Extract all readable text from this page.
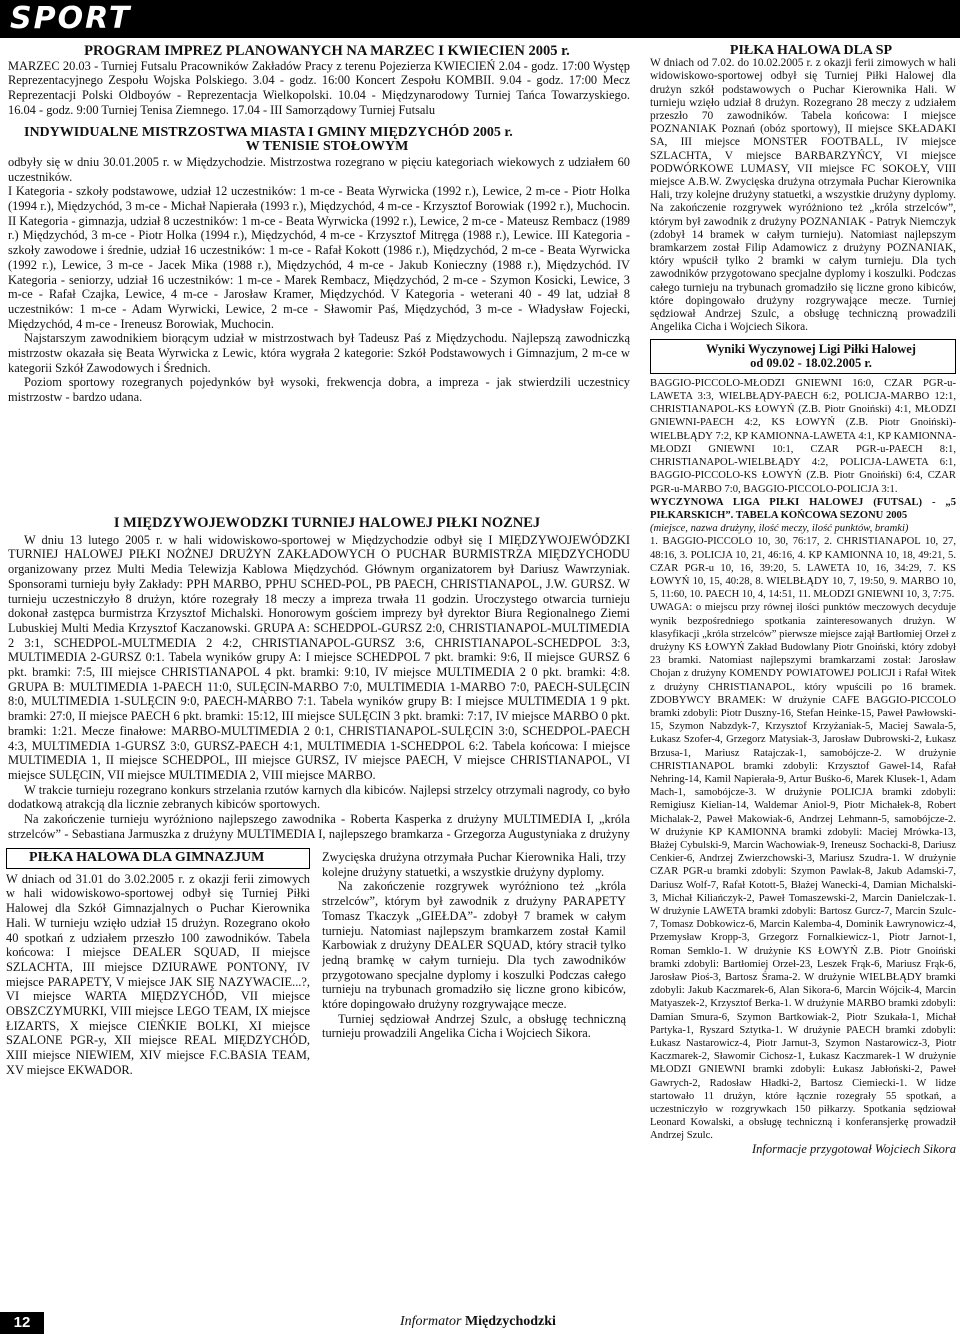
SPORT

PROGRAM IMPREZ PLANOWANYCH NA MARZEC I KWIECIEŃ 2005 r.

MARZEC 20.03 - Turniej Futsalu Pracowników Zakładów Pracy z terenu Pojezierza KWIECIEŃ 2.04 - godz. 17:00 Występ Reprezentacyjnego Zespołu Wojska Polskiego. 3.04 - godz. 16:00 Koncert Zespołu KOMBII. 9.04 - godz. 17:00 Mecz Reprezentacji Polski Oldboyów - Reprezentacja Wielkopolski. 10.04 - Międzynarodowy Turniej Tańca Towarzyskiego. 16.04 - godz. 9:00 Turniej Tenisa Ziemnego. 17.04 - III Samorządowy Turniej Futsalu

INDYWIDUALNE MISTRZOSTWA MIASTA I GMINY MIĘDZYCHÓD 2005 r.

W TENISIE STOŁOWYM

odbyły się w dniu 30.01.2005 r. w Międzychodzie. Mistrzostwa rozegrano w pięciu kategoriach wiekowych z udziałem 60 uczestników.

I Kategoria - szkoły podstawowe, udział 12 uczestników: 1 m-ce - Beata Wyrwicka (1992 r.), Lewice, 2 m-ce - Piotr Holka (1994 r.), Międzychód, 3 m-ce - Michał Napierała (1993 r.), Międzychód, 4 m-ce - Krzysztof Borowiak (1992 r.), Muchocin. II Kategoria - gimnazja, udział 8 uczestników: 1 m-ce - Beata Wyrwicka (1992 r.), Lewice, 2 m-ce - Mateusz Rembacz (1989 r.) Międzychód, 3 m-ce - Piotr Holka (1994 r.), Międzychód, 4 m-ce - Krzysztof Mitręga (1988 r.), Lewice. III Kategoria - szkoły zawodowe i średnie, udział 16 uczestników: 1 m-ce - Rafał Kokott (1986 r.), Międzychód, 2 m-ce - Beata Wyrwicka (1992 r.), Lewice, 3 m-ce - Jacek Mika (1988 r.), Międzychód, 4 m-ce - Jakub Konieczny (1988 r.), Międzychód. IV Kategoria - seniorzy, udział 16 uczestników: 1 m-ce - Marek Rembacz, Międzychód, 2 m-ce - Szymon Kosicki, Lewice, 3 m-ce - Rafał Czajka, Lewice, 4 m-ce - Jarosław Kramer, Międzychód. V Kategoria - weterani 40 - 49 lat, udział 8 uczestników: 1 m-ce - Adam Wyrwicki, Lewice, 2 m-ce - Sławomir Paś, Międzychód, 3 m-ce - Władysław Fojecki, Międzychód, 4 m-ce - Ireneusz Borowiak, Muchocin.

Najstarszym zawodnikiem biorącym udział w mistrzostwach był Tadeusz Paś z Międzychodu. Najlepszą zawodniczką mistrzostw okazała się Beata Wyrwicka z Lewic, która wygrała 2 kategorie: Szkół Podstawowych i Gimnazjum, 2 m-ce w kategorii Szkół Zawodowych i Średnich.

Poziom sportowy rozegranych pojedynków był wysoki, frekwencja dobra, a impreza - jak stwierdzili uczestnicy mistrzostw - bardzo udana.

I MIĘDZYWOJEWÓDZKI TURNIEJ HALOWEJ PIŁKI NOŻNEJ

W dniu 13 lutego 2005 r. w hali widowiskowo-sportowej w Międzychodzie odbył się I MIĘDZYWOJEWÓDZKI TURNIEJ HALOWEJ PIŁKI NOŻNEJ DRUŻYN ZAKŁADOWYCH O PUCHAR BURMISTRZA MIĘDZYCHODU organizowany przez Multi Media Telewizja Kablowa Międzychód. Głównym organizatorem był Dariusz Wawrzyniak. Sponsorami turnieju były Zakłady: PPH MARBO, PPHU SCHED-POL, PB PAECH, CHRISTIANAPOL, J.W. GURSZ. W turnieju uczestniczyło 8 drużyn, które rozegrały 18 meczy a impreza trwała 11 godzin. Uroczystego otwarcia turnieju dokonał zastępca burmistrza Krzysztof Michalski. Honorowym gościem imprezy był dyrektor Biura Regionalnego Ziemi Lubuskiej Multi Media Krzysztof Kaczanowski. GRUPA A: SCHEDPOL-GURSZ 2:0, CHRISTIANAPOL-MULTIMEDIA 2 3:1, SCHEDPOL-MULTMEDIA 2 4:2, CHRISTIANAPOL-GURSZ 3:6, CHRISTIANAPOL-SCHEDPOL 3:3, MULTIMEDIA 2-GURSZ 0:1. Tabela wyników grupy A: I miejsce SCHEDPOL 7 pkt. bramki: 9:6, II miejsce GURSZ 6 pkt. bramki: 7:5, III miejsce CHRISTIANAPOL 4 pkt. bramki: 9:10, IV miejsce MULTIMEDIA 2 0 pkt. bramki: 4:8. GRUPA B: MULTIMEDIA 1-PAECH 11:0, SULĘCIN-MARBO 7:0, MULTIMEDIA 1-MARBO 7:0, PAECH-SULĘCIN 8:0, MULTIMEDIA 1-SULĘCIN 9:0, PAECH-MARBO 7:1. Tabela wyników grupy B: I miejsce MULTIMEDIA 1 9 pkt. bramki: 27:0, II miejsce PAECH 6 pkt. bramki: 15:12, III miejsce SULĘCIN 3 pkt. bramki: 7:17, IV miejsce MARBO 0 pkt. bramki: 1:21. Mecze finałowe: MARBO-MULTIMEDIA 2 0:1, CHRISTIANAPOL-SULĘCIN 3:0, SCHEDPOL-PAECH 4:3, MULTIMEDIA 1-GURSZ 3:0, GURSZ-PAECH 4:1, MULTIMEDIA 1-SCHEDPOL 6:2. Tabela końcowa: I miejsce MULTIMEDIA 1, II miejsce SCHEDPOL, III miejsce GURSZ, IV miejsce PAECH, V miejsce CHRISTIANAPOL, VI miejsce SULĘCIN, VII miejsce MULTIMEDIA 2, VIII miejsce MARBO.

W trakcie turnieju rozegrano konkurs strzelania rzutów karnych dla kibiców. Najlepsi strzelcy otrzymali nagrody, co było dodatkową atrakcją dla licznie zebranych kibiców sportowych.

Na zakończenie turnieju wyróżniono najlepszego zawodnika - Roberta Kasperka z drużyny MULTIMEDIA I, „króla strzelców” - Sebastiana Jarmuszka z drużyny MULTIMEDIA I, najlepszego bramkarza - Grzegorza Augustyniaka z drużyny

PIŁKA HALOWA DLA GIMNAZJUM

W dniach od 31.01 do 3.02.2005 r. z okazji ferii zimowych w hali widowiskowo-sportowej odbył się Turniej Piłki Halowej dla Szkół Gimnazjalnych o Puchar Kierownika Hali. W turnieju wzięło udział 15 drużyn. Rozegrano około 40 spotkań z udziałem przeszło 100 zawodników. Tabela końcowa: I miejsce DEALER SQUAD, II miejsce SZLACHTA, III miejsce DZIURAWE PONTONY, IV miejsce PARAPETY, V miejsce JAK SIĘ NAZYWACIE...?, VI miejsce WARTA MIĘDZYCHÓD, VII miejsce OBSZCZYMURKI, VIII miejsce LEGO TEAM, IX miejsce ŁIZARTS, X miejsce CIEŃKIE BOLKI, XI miejsce SZALONE PGR-y, XII miejsce REAL MIĘDZYCHÓD, XIII miejsce NIEWIEM, XIV miejsce F.C.BASIA TEAM, XV miejsce EKWADOR.

Zwycięska drużyna otrzymała Puchar Kierownika Hali, trzy kolejne drużyny statuetki, a wszystkie drużyny dyplomy.

Na zakończenie rozgrywek wyróżniono też „króla strzelców”, którym był zawodnik z drużyny PARAPETY Tomasz Tkaczyk „GIEŁDA”- zdobył 7 bramek w całym turnieju. Natomiast najlepszym bramkarzem został Kamil Karbowiak z drużyny DEALER SQUAD, który stracił tylko jedną bramkę w całym turnieju. Dla tych zawodników przygotowano specjalne dyplomy i koszulki Podczas całego turnieju na trybunach gromadziło się liczne grono kibiców, które dopingowało drużyny rozgrywające mecze.

Turniej sędziował Andrzej Szulc, a obsługę techniczną turnieju prowadzili Angelika Cicha i Wojciech Sikora.

PIŁKA HALOWA DLA SP

W dniach od 7.02. do 10.02.2005 r. z okazji ferii zimowych w hali widowiskowo-sportowej odbył się Turniej Piłki Halowej dla drużyn szkół podstawowych o Puchar Kierownika Hali. W turnieju wzięło udział 8 drużyn. Rozegrano 28 meczy z udziałem przeszło 70 zawodników. Tabela końcowa: I miejsce POZNANIAK Poznań (obóz sportowy), II miejsce SKŁADAKI SA, III miejsce MONSTER FOOTBALL, IV miejsce SZLACHTA, V miejsce BARBARZYŃCY, VI miejsce PODWÓRKOWE LUMASY, VII miejsce FC SOKOŁY, VIII miejsce A.B.W. Zwycięska drużyna otrzymała Puchar Kierownika Hali, trzy kolejne drużyny statuetki, a wszystkie drużyny dyplomy. Na zakończenie rozgrywek wyróżniono też „króla strzelców”, którym był zawodnik z drużyny POZNANIAK - Patryk Niemczyk (zdobył 14 bramek w całym turnieju). Natomiast najlepszym bramkarzem został Filip Adamowicz z drużyny POZNANIAK, który wpuścił tylko 2 bramki w całym turnieju. Dla tych zawodników przygotowano specjalne dyplomy i koszulki. Podczas całego turnieju na trybunach gromadziło się liczne grono kibiców, które dopingowało drużyny rozgrywające mecze. Turniej sędziował Andrzej Szulc, a obsługę techniczną prowadzili Angelika Cicha i Wojciech Sikora.

Wyniki Wyczynowej Ligi Piłki Halowej

od 09.02 - 18.02.2005 r.

BAGGIO-PICCOLO-MŁODZI GNIEWNI 16:0, CZAR PGR-u-LAWETA 3:3, WIELBŁĄDY-PAECH 6:2, POLICJA-MARBO 12:1, CHRISTIANAPOL-KS ŁOWYŃ (Z.B. Piotr Gnoiński) 4:1, MŁODZI GNIEWNI-PAECH 4:2, KS ŁOWYŃ (Z.B. Piotr Gnoiński)-WIELBŁĄDY 7:2, KP KAMIONNA-LAWETA 4:1, KP KAMIONNA-MŁODZI GNIEWNI 10:1, CZAR PGR-u-PAECH 8:1, CHRISTIANAPOL-WIELBŁĄDY 4:2, POLICJA-LAWETA 6:1, BAGGIO-PICCOLO-KS ŁOWYŃ (Z.B. Piotr Gnoiński) 6:4, CZAR PGR-u-MARBO 7:0, BAGGIO-PICCOLO-POLICJA 3:1.

WYCZYNOWA LIGA PIŁKI HALOWEJ (FUTSAL) - „5 PIŁKARSKICH”. TABELA KOŃCOWA SEZONU 2005

(miejsce, nazwa drużyny, ilość meczy, ilość punktów, bramki)

1. BAGGIO-PICCOLO 10, 30, 76:17, 2. CHRISTIANAPOL 10, 27, 48:16, 3. POLICJA 10, 21, 46:16, 4. KP KAMIONNA 10, 18, 49:21, 5. CZAR PGR-u 10, 16, 39:20, 5. LAWETA 10, 16, 34:29, 7. KS ŁOWYŃ 10, 15, 40:28, 8. WIELBŁĄDY 10, 7, 19:50, 9. MARBO 10, 5, 11:60, 10. PAECH 10, 4, 14:51, 11. MŁODZI GNIEWNI 10, 3, 7:75.

UWAGA: o miejscu przy równej ilości punktów meczowych decyduje wynik bezpośredniego spotkania zainteresowanych drużyn. W klasyfikacji „króla strzelców” pierwsze miejsce zajął Bartłomiej Orzeł z drużyny KS ŁOWYŃ Zakład Budowlany Piotr Gnoiński, który zdobył 23 bramki. Natomiast najlepszymi bramkarzami został: Jarosław Chojan z drużyny KOMENDY POWIATOWEJ POLICJI i Rafał Witek z drużyny CHRISTIANAPOL, który wpuścili po 16 bramek. ZDOBYWCY BRAMEK: W drużynie CAFE BAGGIO-PICCOLO bramki zdobyli: Piotr Duszny-16, Stefan Heinke-15, Paweł Pawłowski-15, Szymon Nabzdyk-7, Krzysztof Krzyżaniak-5, Maciej Sawala-5, Łukasz Szofer-4, Grzegorz Matysiak-3, Jarosław Dubrowski-2, Łukasz Brzusa-1, Mariusz Ratajczak-1, samobójcze-2. W drużynie CHRISTIANAPOL bramki zdobyli: Krzysztof Gaweł-14, Rafał Nehring-14, Kamil Napierała-9, Artur Buśko-6, Marek Klusek-1, Adam Mach-1, samobójcze-3. W drużynie POLICJA bramki zdobyli: Remigiusz Kielian-14, Waldemar Aniol-9, Piotr Michałek-8, Robert Michalak-2, Paweł Makowiak-6, Andrzej Lehmann-5, samobójcze-2. W drużynie KP KAMIONNA bramki zdobyli: Maciej Mrówka-13, Błażej Cybulski-9, Marcin Wachowiak-9, Ireneusz Sochacki-8, Dariusz Cenkier-6, Andrzej Zwierzchowski-3, Mariusz Szudra-1. W drużynie CZAR PGR-u bramki zdobyli: Szymon Pawlak-8, Jakub Adamski-7, Dariusz Wolf-7, Rafał Kotott-5, Błażej Wanecki-4, Damian Michalski-3, Michał Kiliańczyk-2, Paweł Tomaszewski-2, Marcin Danielczak-1. W drużynie LAWETA bramki zdobyli: Bartosz Gurcz-7, Marcin Szulc-7, Tomasz Dobkowicz-6, Marcin Kalemba-4, Dominik Ławrynowicz-4, Przemysław Kropp-3, Grzegorz Fornalkiewicz-1, Piotr Jarnot-1, Roman Semklo-1. W drużynie KS ŁOWYŃ Z.B. Piotr Gnoiński bramki zdobyli: Bartłomiej Orzeł-23, Leszek Frąk-6, Mariusz Frąk-6, Jarosław Pioś-3, Bartosz Śrama-2. W drużynie WIELBŁĄDY bramki zdobyli: Jakub Kaczmarek-6, Alan Sikora-6, Marcin Wójcik-4, Marcin Matyaszek-2, Krzysztof Berka-1. W drużynie MARBO bramki zdobyli: Damian Smura-6, Szymon Bartkowiak-2, Piotr Szukała-1, Michał Partyka-1, Ryszard Sztytka-1. W drużynie PAECH bramki zdobyli: Łukasz Nastarowicz-4, Piotr Jarnut-3, Szymon Nastarowicz-3, Piotr Kaczmarek-2, Sławomir Cichosz-1, Łukasz Kaczmarek-1 W drużynie MŁODZI GNIEWNI bramki zdobyli: Łukasz Jabłoński-2, Paweł Gawrych-2, Radosław Hładki-2, Bartosz Ciemiecki-1. W lidze startowało 11 drużyn, które łącznie rozegrały 55 spotkań, a uczestniczyło w rozgrywkach 150 piłkarzy. Spotkania sędziował Leonard Kowalski, a obsługę techniczną i konferansjerkę prowadził Andrzej Szulc.

Informacje przygotował Wojciech Sikora

12	Informator Międzychodzki
